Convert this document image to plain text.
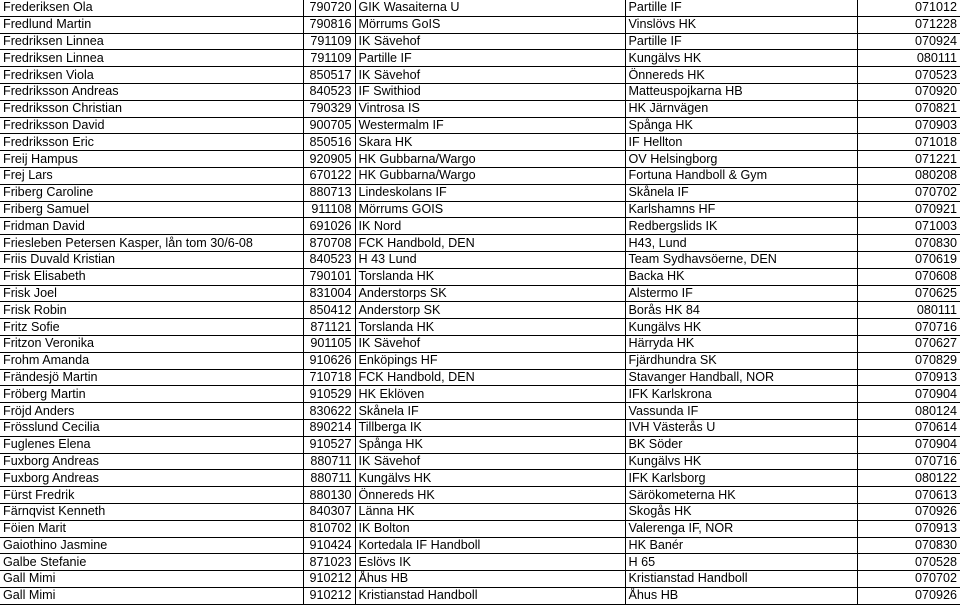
Frederiksen Ola	790720	GIK Wasaiterna U	Partille IF	071012
Fredlund Martin	790816	Mörrums GoIS	Vinslövs HK	071228
Fredriksen Linnea	791109	IK Sävehof	Partille IF	070924
Fredriksen Linnea	791109	Partille IF	Kungälvs HK	080111
Fredriksen Viola	850517	IK Sävehof	Önnereds HK	070523
Fredriksson Andreas	840523	IF Swithiod	Matteuspojkarna HB	070920
Fredriksson Christian	790329	Vintrosa IS	HK Järnvägen	070821
Fredriksson David	900705	Westermalm IF	Spånga HK	070903
Fredriksson Eric	850516	Skara HK	IF Hellton	071018
Freij Hampus	920905	HK Gubbarna/Wargo	OV Helsingborg	071221
Frej Lars	670122	HK Gubbarna/Wargo	Fortuna Handboll & Gym	080208
Friberg Caroline	880713	Lindeskolans IF	Skånela IF	070702
Friberg Samuel	911108	Mörrums GOIS	Karlshamns HF	070921
Fridman David	691026	IK Nord	Redbergslids IK	071003
Friesleben Petersen Kasper, lån tom 30/6-08	870708	FCK Handbold, DEN	H43, Lund	070830
Friis Duvald Kristian	840523	H 43 Lund	Team Sydhavsöerne, DEN	070619
Frisk Elisabeth	790101	Torslanda HK	Backa HK	070608
Frisk Joel	831004	Anderstorps SK	Alstermo IF	070625
Frisk Robin	850412	Anderstorp SK	Borås HK 84	080111
Fritz Sofie	871121	Torslanda HK	Kungälvs HK	070716
Fritzon Veronika	901105	IK Sävehof	Härryda HK	070627
Frohm Amanda	910626	Enköpings HF	Fjärdhundra SK	070829
Frändesjö Martin	710718	FCK Handbold, DEN	Stavanger Handball, NOR	070913
Fröberg Martin	910529	HK Eklöven	IFK Karlskrona	070904
Fröjd Anders	830622	Skånela IF	Vassunda IF	080124
Frösslund Cecilia	890214	Tillberga IK	IVH Västerås U	070614
Fuglenes Elena	910527	Spånga HK	BK Söder	070904
Fuxborg Andreas	880711	IK Sävehof	Kungälvs HK	070716
Fuxborg Andreas	880711	Kungälvs HK	IFK Karlsborg	080122
Fürst Fredrik	880130	Önnereds HK	Särökometerna HK	070613
Färnqvist Kenneth	840307	Länna HK	Skogås HK	070926
Föien Marit	810702	IK Bolton	Valerenga IF, NOR	070913
Gaiothino Jasmine	910424	Kortedala IF Handboll	HK Banér	070830
Galbe Stefanie	871023	Eslövs IK	H 65	070528
Gall Mimi	910212	Åhus HB	Kristianstad Handboll	070702
Gall Mimi	910212	Kristianstad Handboll	Åhus HB	070926
